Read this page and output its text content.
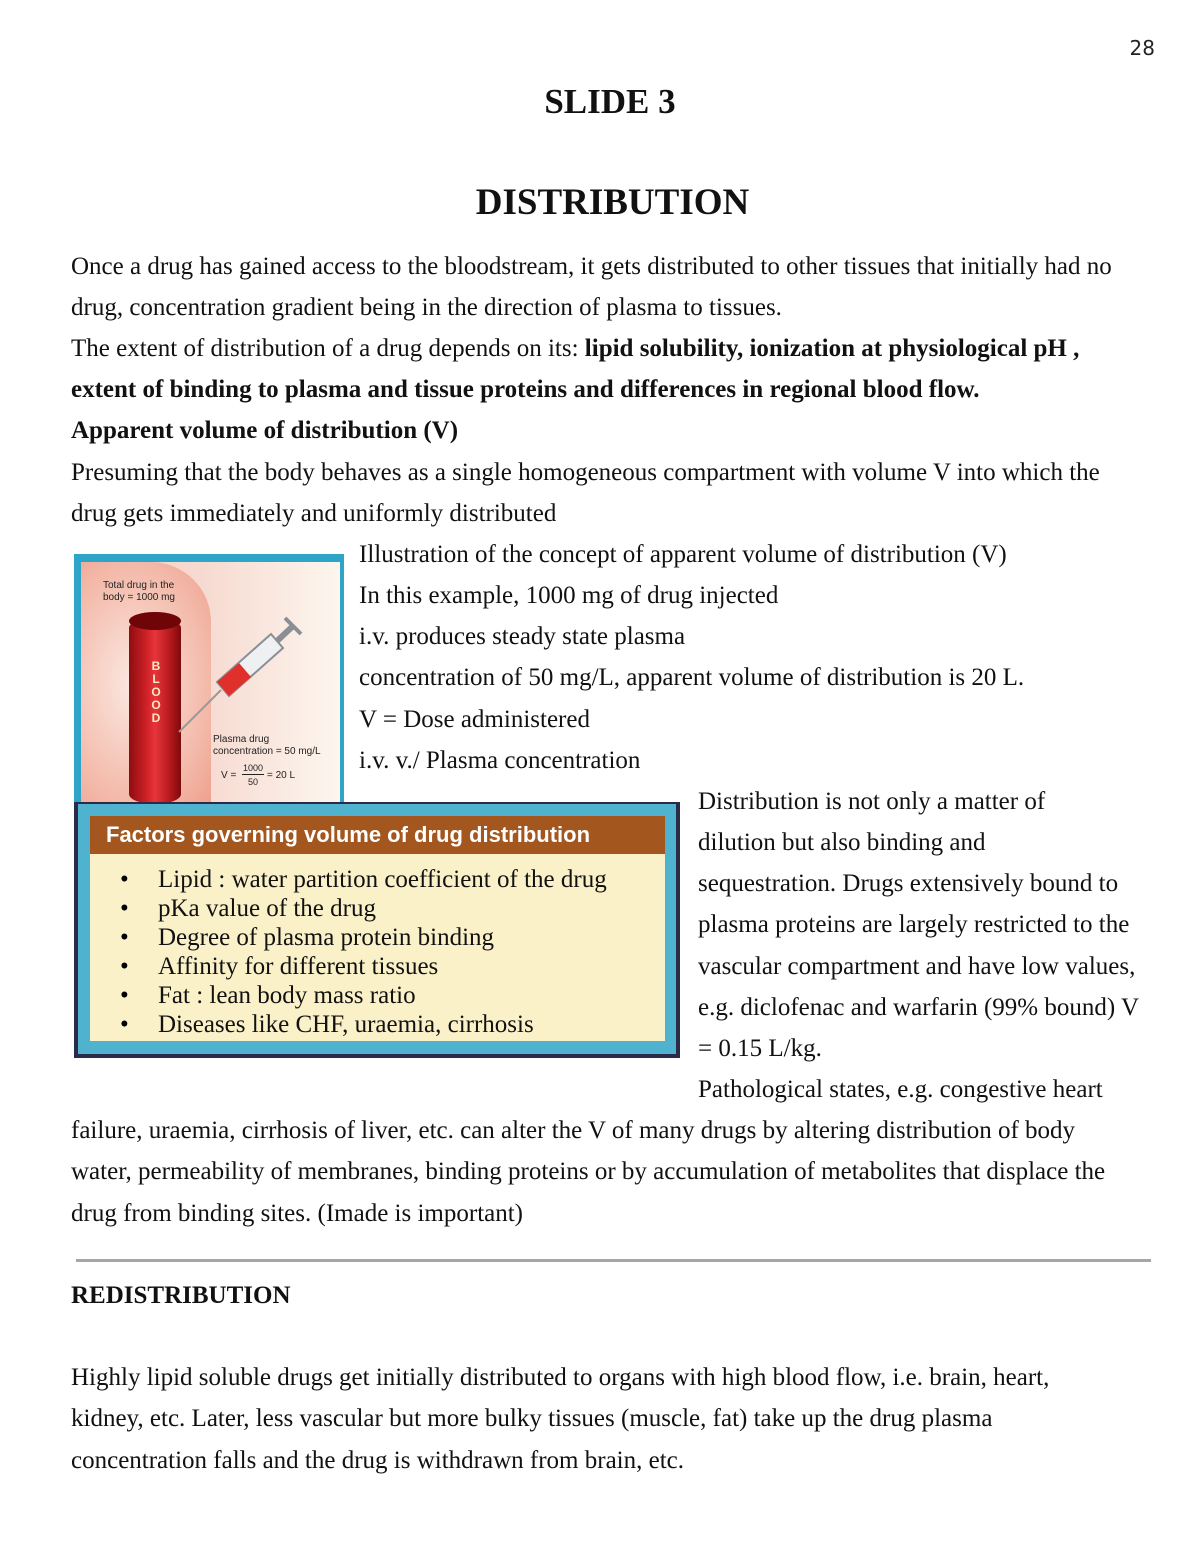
28
SLIDE 3
DISTRIBUTION
Once a drug has gained access to the bloodstream, it gets distributed to other tissues that initially had no
drug, concentration gradient being in the direction of plasma to tissues.
The extent of distribution of a drug depends on its: lipid solubility, ionization at physiological pH ,
extent of binding to plasma and tissue proteins and differences in regional blood flow.
Apparent volume of distribution (V)
Presuming that the body behaves as a single homogeneous compartment with volume V into which the
drug gets immediately and uniformly distributed
Total drug in the
body = 1000 mg
B
L
O
O
D
Plasma drug
concentration = 50 mg/L
V =
1000
50
= 20 L
Illustration of the concept of apparent volume of distribution (V)
In this example, 1000 mg of drug injected
i.v. produces steady state plasma
concentration of 50 mg/L, apparent volume of distribution is 20 L.
V = Dose administered
i.v. v./ Plasma concentration
Factors governing volume of drug distribution
• Lipid : water partition coefficient of the drug
• pKa value of the drug
• Degree of plasma protein binding
• Affinity for different tissues
• Fat : lean body mass ratio
• Diseases like CHF, uraemia, cirrhosis
Distribution is not only a matter of
dilution but also binding and
sequestration. Drugs extensively bound to
plasma proteins are largely restricted to the
vascular compartment and have low values,
e.g. diclofenac and warfarin (99% bound) V
= 0.15 L/kg.
Pathological states, e.g. congestive heart
failure, uraemia, cirrhosis of liver, etc. can alter the V of many drugs by altering distribution of body
water, permeability of membranes, binding proteins or by accumulation of metabolites that displace the
drug from binding sites. (Imade is important)
REDISTRIBUTION
Highly lipid soluble drugs get initially distributed to organs with high blood flow, i.e. brain, heart,
kidney, etc. Later, less vascular but more bulky tissues (muscle, fat) take up the drug plasma
concentration falls and the drug is withdrawn from brain, etc.
